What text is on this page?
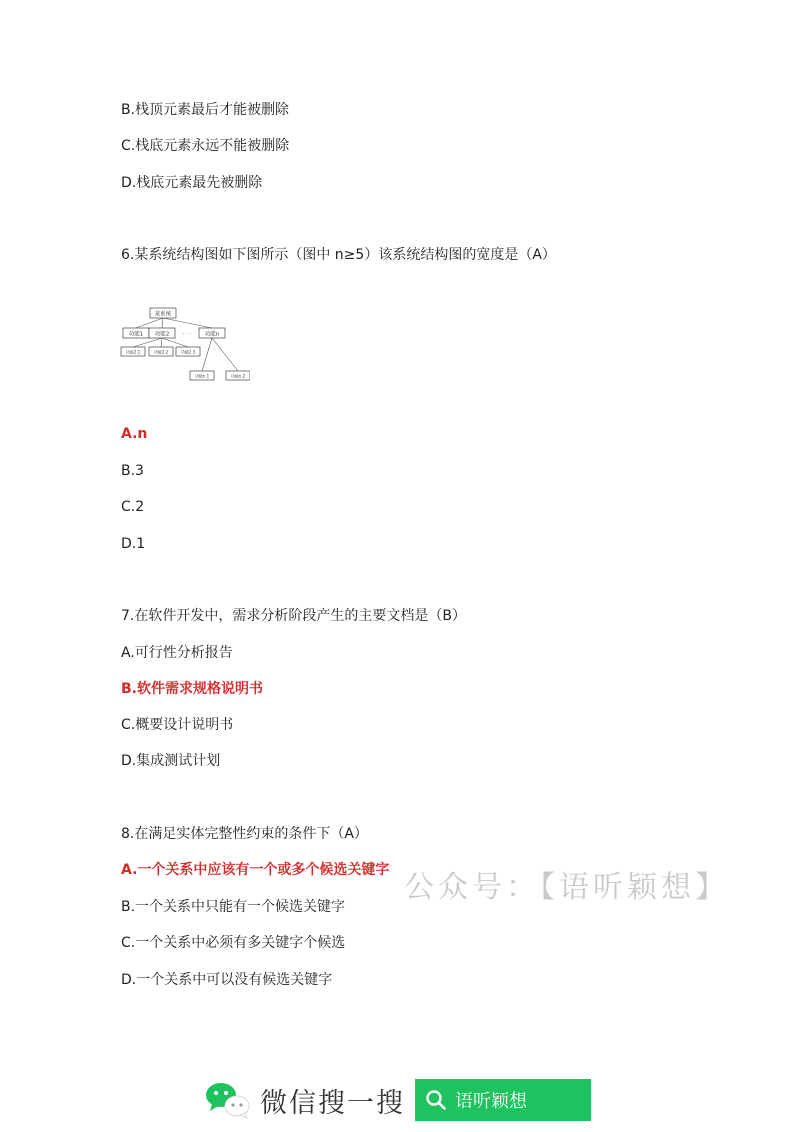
B.栈顶元素最后才能被删除
C.栈底元素永远不能被删除
D.栈底元素最先被删除
6.某系统结构图如下图所示（图中 n≥5）该系统结构图的宽度是（A）
某系统
功能1 功能2 · · · 功能n
功能2.1	功能2.2	功能2.3
功能n.1	功能n.2
A.n
B.3
C.2
D.1
7.在软件开发中，需求分析阶段产生的主要文档是（B）
A.可行性分析报告
B.软件需求规格说明书
C.概要设计说明书
D.集成测试计划
8.在满足实体完整性约束的条件下（A）
A.一个关系中应该有一个或多个候选关键字
B.一个关系中只能有一个候选关键字
C.一个关系中必须有多关键字个候选
D.一个关系中可以没有候选关键字
公众号：【语听颖想】
微信搜一搜	语听颖想
